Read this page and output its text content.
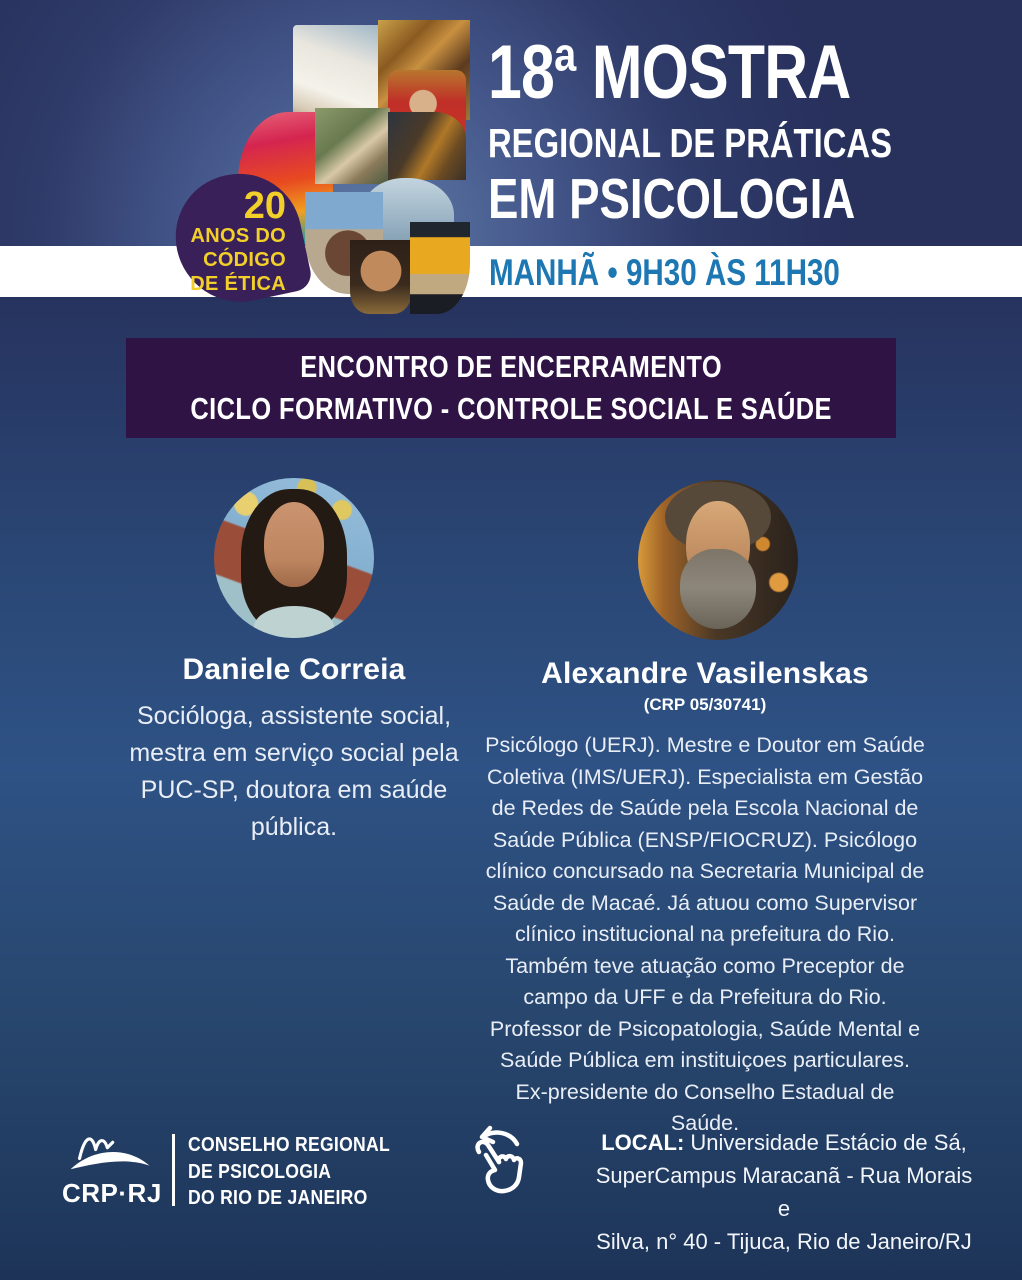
20
ANOS DO
CÓDIGO
DE ÉTICA
18ª MOSTRA
REGIONAL DE PRÁTICAS
EM PSICOLOGIA
MANHÃ • 9H30 ÀS 11H30
ENCONTRO DE ENCERRAMENTO
CICLO FORMATIVO - CONTROLE SOCIAL E SAÚDE
Daniele Correia
Socióloga, assistente social, mestra em serviço social pela PUC-SP, doutora em saúde pública.
Alexandre Vasilenskas
(CRP 05/30741)
Psicólogo (UERJ). Mestre e Doutor em Saúde Coletiva (IMS/UERJ). Especialista em Gestão de Redes de Saúde pela Escola Nacional de Saúde Pública (ENSP/FIOCRUZ). Psicólogo clínico concursado na Secretaria Municipal de Saúde de Macaé. Já atuou como Supervisor clínico institucional na prefeitura do Rio. Também teve atuação como Preceptor de campo da UFF e da Prefeitura do Rio. Professor de Psicopatologia, Saúde Mental e Saúde Pública em instituiçoes particulares. Ex-presidente do Conselho Estadual de Saúde.
CRP·RJ
CONSELHO REGIONAL
DE PSICOLOGIA
DO RIO DE JANEIRO
LOCAL: Universidade Estácio de Sá,
SuperCampus Maracanã - Rua Morais e
Silva, n° 40 - Tijuca, Rio de Janeiro/RJ
